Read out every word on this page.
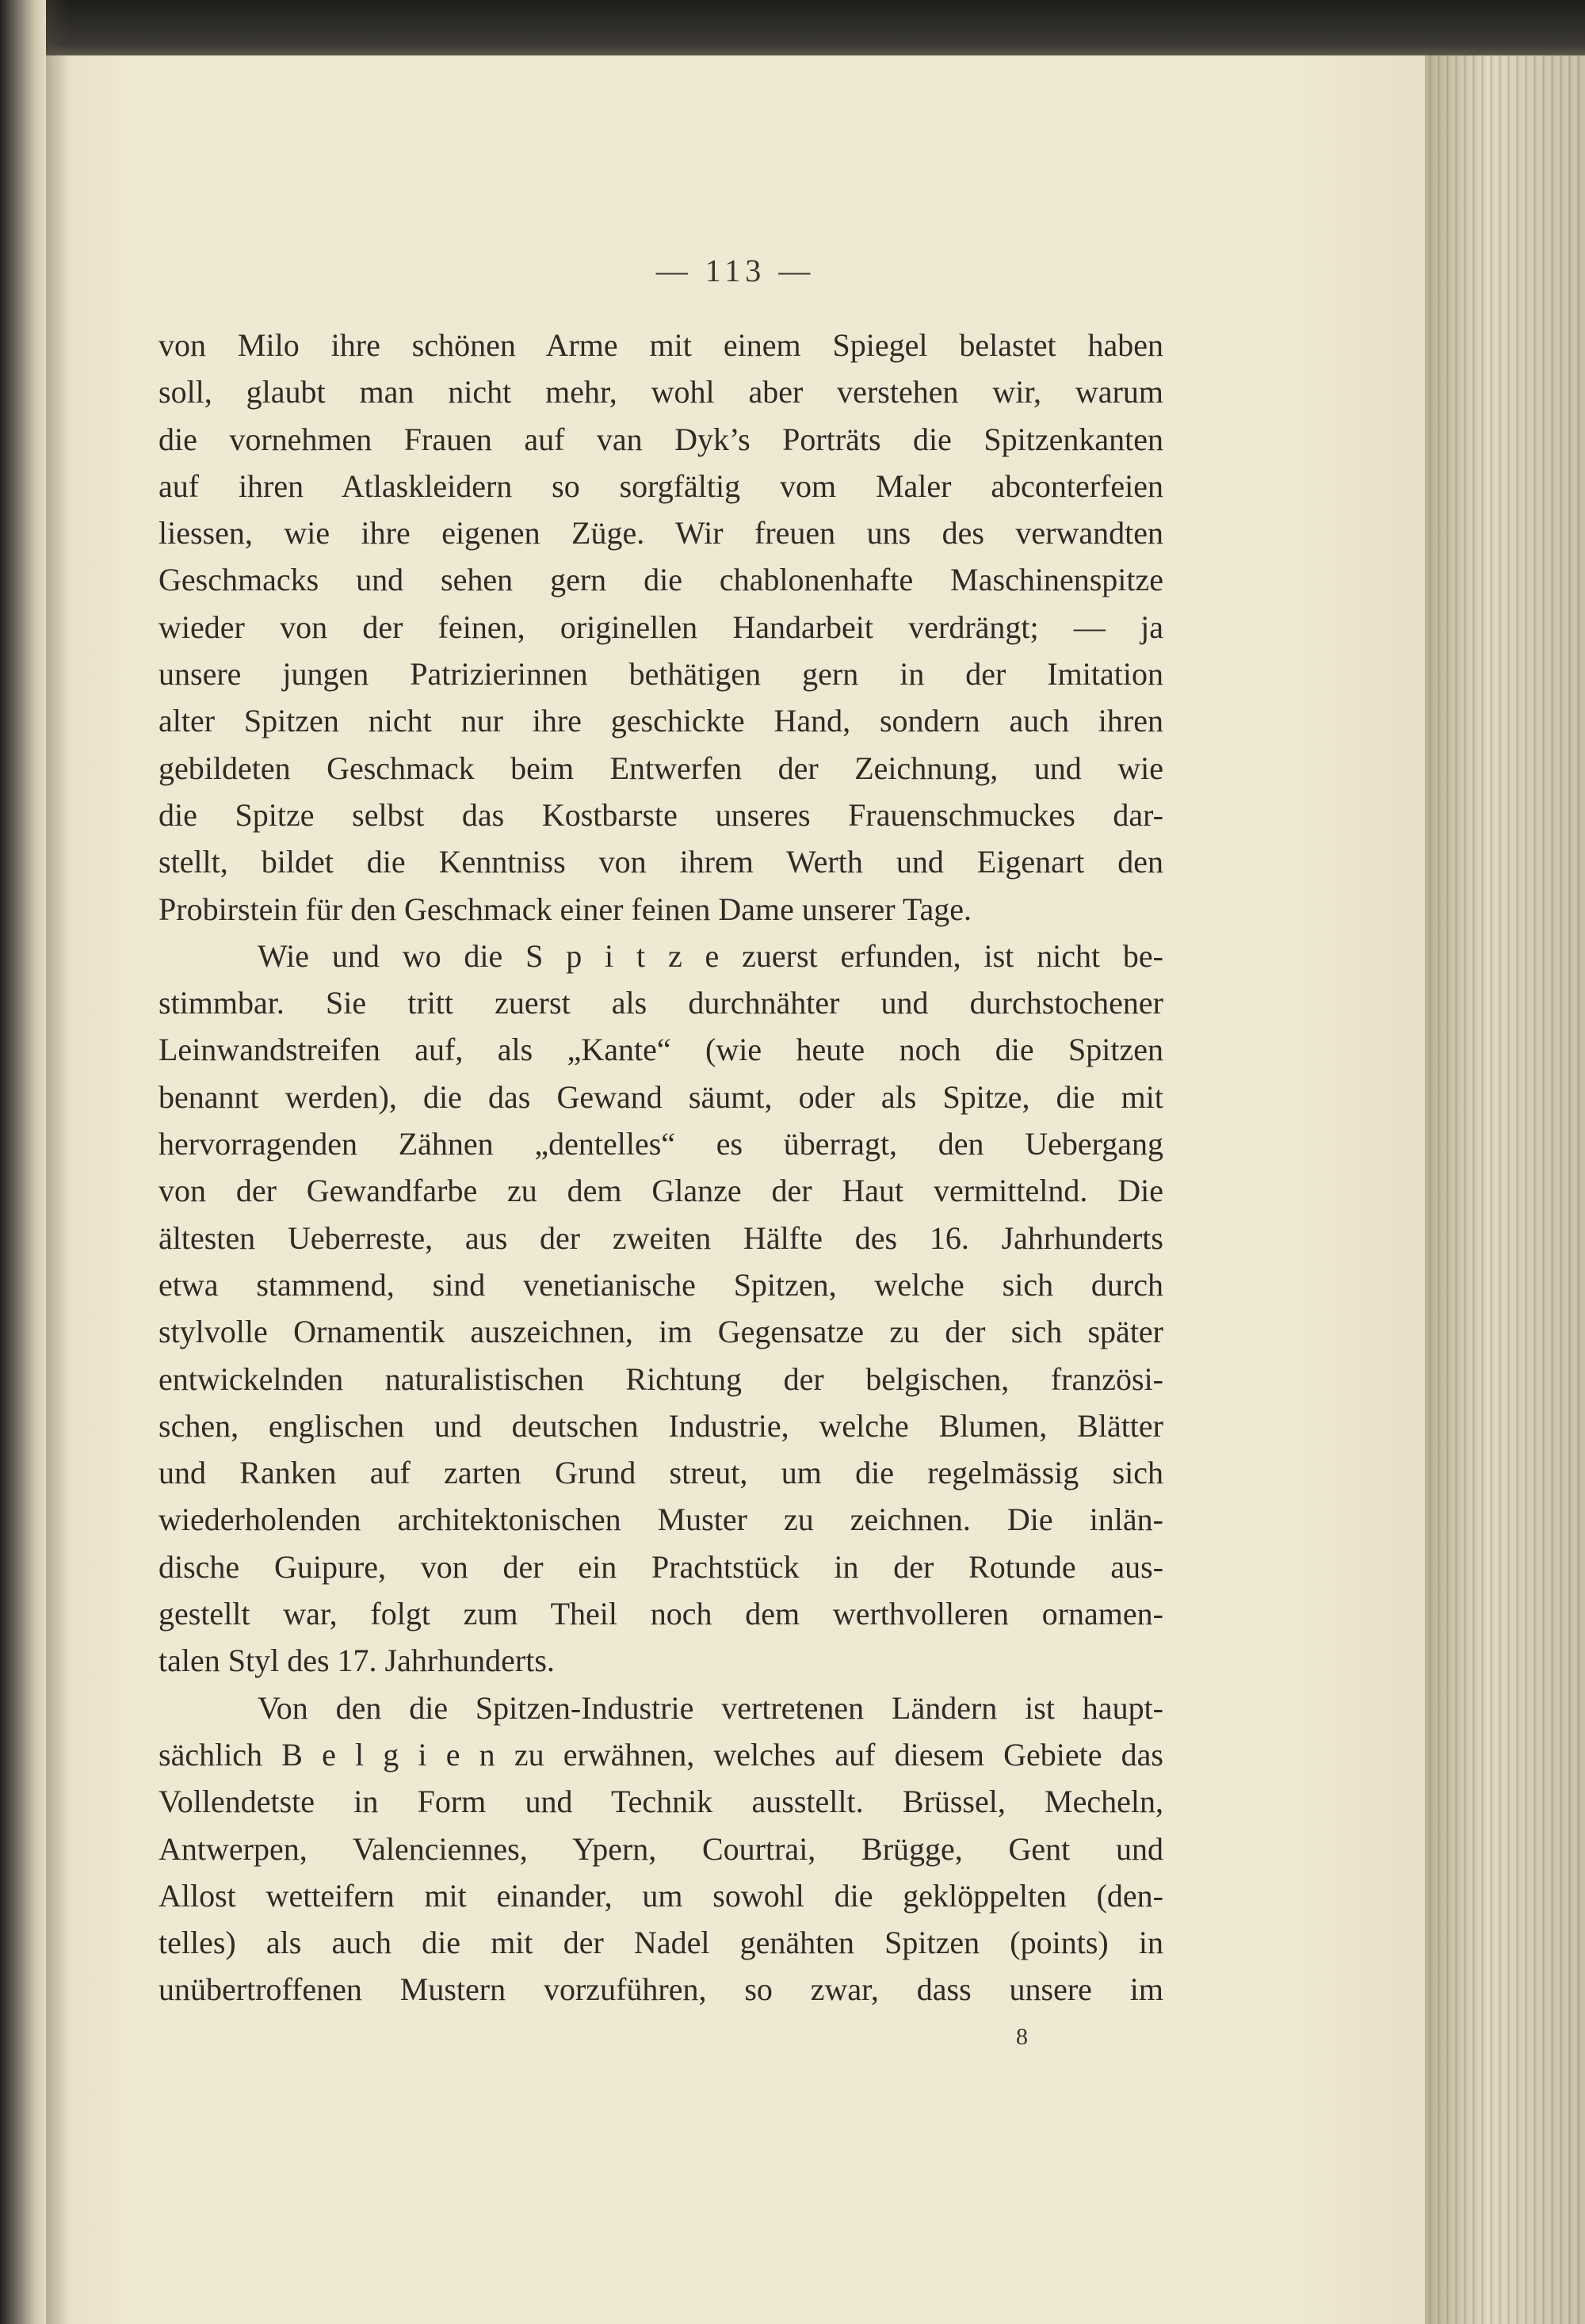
— 113 —
von Milo ihre schönen Arme mit einem Spiegel belastet haben
soll, glaubt man nicht mehr, wohl aber verstehen wir, warum
die vornehmen Frauen auf van Dyk’s Porträts die Spitzenkanten
auf ihren Atlaskleidern so sorgfältig vom Maler abconterfeien
liessen, wie ihre eigenen Züge. Wir freuen uns des verwandten
Geschmacks und sehen gern die chablonenhafte Maschinenspitze
wieder von der feinen, originellen Handarbeit verdrängt; — ja
unsere jungen Patrizierinnen bethätigen gern in der Imitation
alter Spitzen nicht nur ihre geschickte Hand, sondern auch ihren
gebildeten Geschmack beim Entwerfen der Zeichnung, und wie
die Spitze selbst das Kostbarste unseres Frauenschmuckes dar-
stellt, bildet die Kenntniss von ihrem Werth und Eigenart den
Probirstein für den Geschmack einer feinen Dame unserer Tage.
Wie und wo die S p i t z e zuerst erfunden, ist nicht be-
stimmbar. Sie tritt zuerst als durchnähter und durchstochener
Leinwandstreifen auf, als „Kante“ (wie heute noch die Spitzen
benannt werden), die das Gewand säumt, oder als Spitze, die mit
hervorragenden Zähnen „dentelles“ es überragt, den Uebergang
von der Gewandfarbe zu dem Glanze der Haut vermittelnd. Die
ältesten Ueberreste, aus der zweiten Hälfte des 16. Jahrhunderts
etwa stammend, sind venetianische Spitzen, welche sich durch
stylvolle Ornamentik auszeichnen, im Gegensatze zu der sich später
entwickelnden naturalistischen Richtung der belgischen, französi-
schen, englischen und deutschen Industrie, welche Blumen, Blätter
und Ranken auf zarten Grund streut, um die regelmässig sich
wiederholenden architektonischen Muster zu zeichnen. Die inlän-
dische Guipure, von der ein Prachtstück in der Rotunde aus-
gestellt war, folgt zum Theil noch dem werthvolleren ornamen-
talen Styl des 17. Jahrhunderts.
Von den die Spitzen-Industrie vertretenen Ländern ist haupt-
sächlich B e l g i e n zu erwähnen, welches auf diesem Gebiete das
Vollendetste in Form und Technik ausstellt. Brüssel, Mecheln,
Antwerpen, Valenciennes, Ypern, Courtrai, Brügge, Gent und
Allost wetteifern mit einander, um sowohl die geklöppelten (den-
telles) als auch die mit der Nadel genähten Spitzen (points) in
unübertroffenen Mustern vorzuführen, so zwar, dass unsere im
8
